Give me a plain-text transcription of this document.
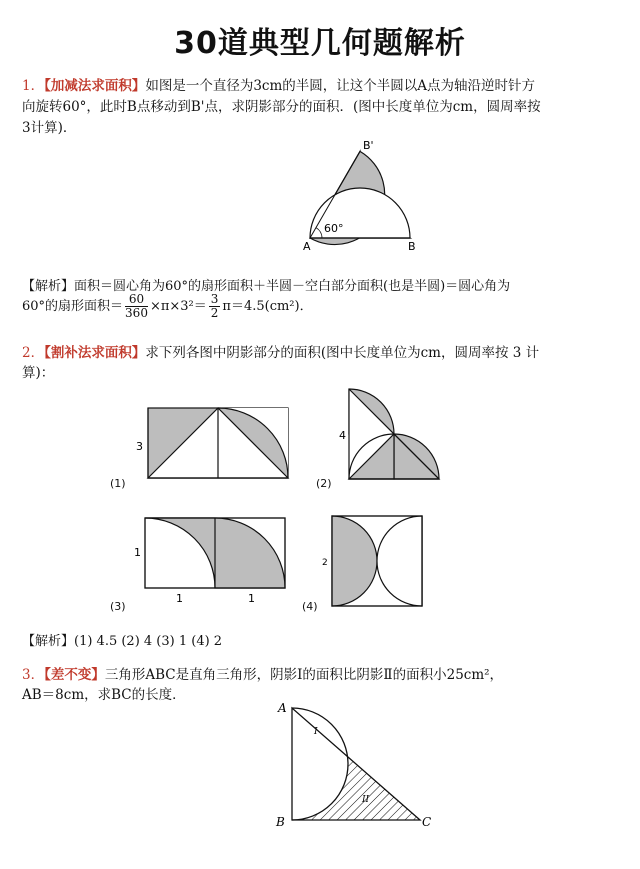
30道典型几何题解析
1．【加减法求面积】如图是一个直径为3cm的半圆，让这个半圆以A点为轴沿逆时针方
向旋转60°，此时B点移动到B'点，求阴影部分的面积．(图中长度单位为cm，圆周率按
3计算)．
60°
A	B
B'
【解析】面积＝圆心角为60°的扇形面积＋半圆－空白部分面积(也是半圆)＝圆心角为
60°的扇形面积＝ $\frac{60}{360} \times\pi\times 3^2= \frac{3}{2} \pi=4.5(cm^2)$．
2．【割补法求面积】求下列各图中阴影部分的面积(图中长度单位为cm，圆周率按 3 计
算)：
3
(1)
4
(2)
1
1	1
(3)
2
(4)
【解析】(1) 4.5 (2) 4 (3) 1 (4) 2
3．【差不变】三角形ABC是直角三角形，阴影Ⅰ的面积比阴影Ⅱ的面积小25cm²，
AB＝8cm，求BC的长度．
I
II
A
B	C
